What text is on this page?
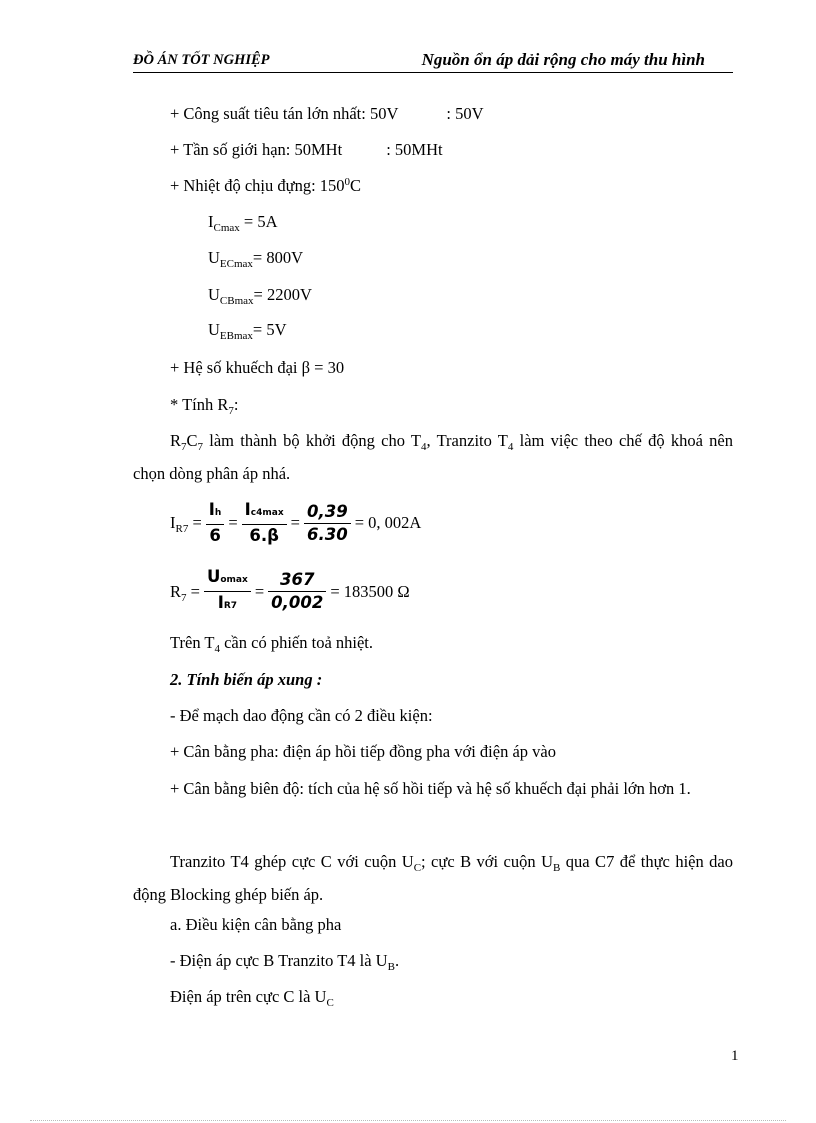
ĐỒ ÁN TỐT NGHIỆP	Nguồn ổn áp dải rộng cho máy thu hình
+ Công suất tiêu tán lớn nhất: 50V	: 50V
+ Tần số giới hạn: 50MHt	: 50MHt
+ Nhiệt độ chịu đựng: $150^0C$
$I_{Cmax} = 5A$
$U_{ECmax}= 800V$
$U_{CBmax}= 2200V$
$U_{EBmax}= 5V$
+ Hệ số khuếch đại β = 30
* Tính $R_7$:
$R_7C_7$ làm thành bộ khởi động cho $T_4$, Tranzito $T_4$ làm việc theo chế độ khoá nên chọn dòng phân áp nhá.
$I_{R7} = \frac{Ih}{6} = \frac{Ic4\max}{6.\beta} = \frac{0,39}{6.30} = 0$, 002A
$R_7 = \frac{Uomax}{IR7} = \frac{367}{0,002} = 183500$ Ω
Trên $T_4$ cần có phiến toả nhiệt.
2. Tính biến áp xung :
- Để mạch dao động cần có 2 điều kiện:
+ Cân bằng pha: điện áp hồi tiếp đồng pha với điện áp vào
+ Cân bằng biên độ: tích của hệ số hồi tiếp và hệ số khuếch đại phải lớn hơn 1.
Tranzito T4 ghép cực C với cuộn $U_C$; cực B với cuộn $U_B$ qua C7 để thực hiện dao động Blocking ghép biến áp.
a. Điều kiện cân bằng pha
- Điện áp cực B Tranzito T4 là $U_B$.
Điện áp trên cực C là $U_C$
1
